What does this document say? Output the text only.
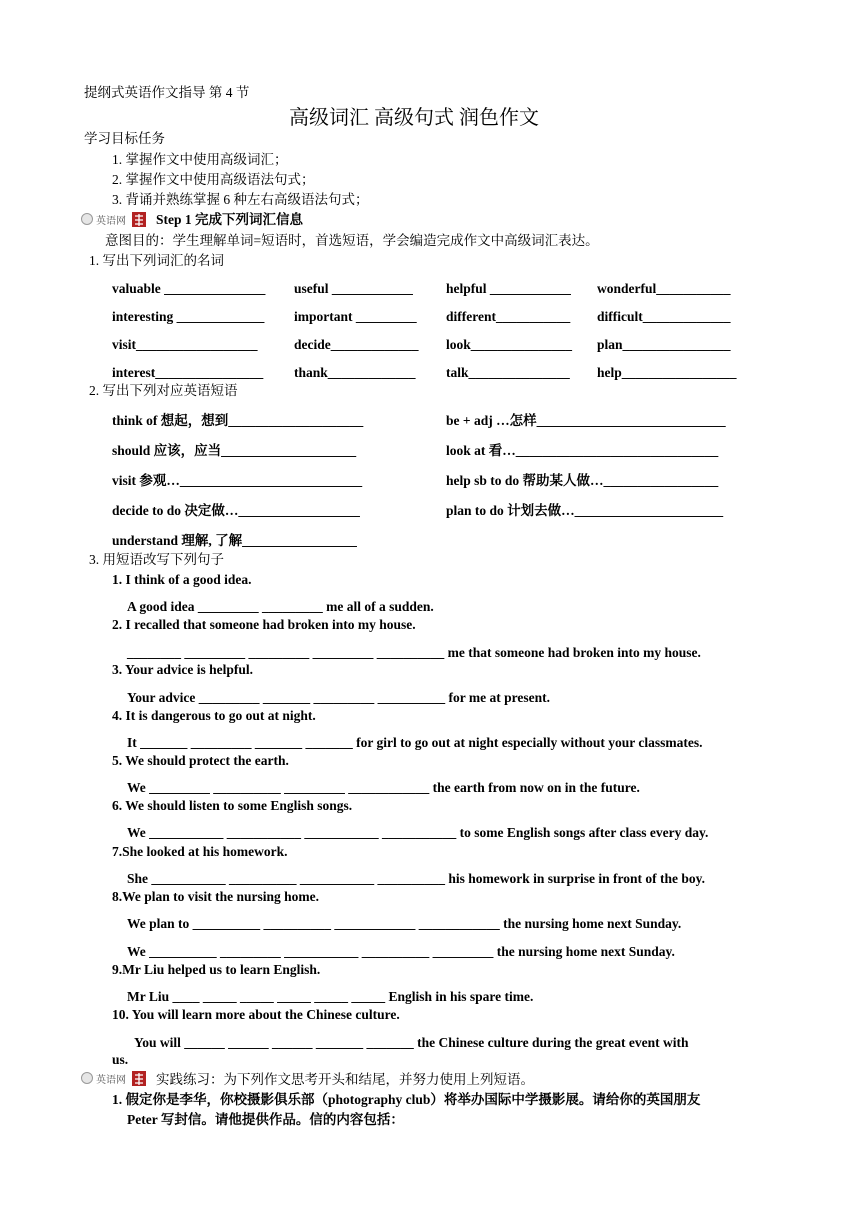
提纲式英语作文指导 第 4 节
高级词汇 高级句式 润色作文
学习目标任务
1. 掌握作文中使用高级词汇；
2. 掌握作文中使用高级语法句式；
3. 背诵并熟练掌握 6 种左右高级语法句式；
英语网 Step 1 完成下列词汇信息
意图目的：学生理解单词=短语时，首选短语，学会编造完成作文中高级词汇表达。
1. 写出下列词汇的名词
valuable _______________ useful ____________ helpful ____________ wonderful___________
interesting _____________ important _________ different___________ difficult_____________
visit__________________	decide_____________ look_______________ plan________________
interest________________ thank_____________ talk_______________ help_________________
2. 写出下列对应英语短语
think of 想起，想到____________________	be + adj …怎样____________________________
should 应该，应当____________________	look at 看…______________________________
visit 参观…___________________________	help sb to do 帮助某人做…_________________
decide to do 决定做…__________________	plan to do 计划去做…______________________
understand 理解, 了解_________________
3. 用短语改写下列句子
1. I think of a good idea.
A good idea _________ _________ me all of a sudden.
2. I recalled that someone had broken into my house.
________ _________ _________ _________ __________ me that someone had broken into my house.
3. Your advice is helpful.
Your advice _________ _______ _________ __________ for me at present.
4. It is dangerous to go out at night.
It _______ _________ _______ _______ for girl to go out at night especially without your classmates.
5. We should protect the earth.
We _________ __________ _________ ____________ the earth from now on in the future.
6. We should listen to some English songs.
We ___________ ___________ ___________ ___________ to some English songs after class every day.
7.She looked at his homework.
She ___________ __________ ___________ __________ his homework in surprise in front of the boy.
8.We plan to visit the nursing home.
We plan to __________ __________ ____________ ____________ the nursing home next Sunday.
We __________ _________ ___________ __________ _________ the nursing home next Sunday.
9.Mr Liu helped us to learn English.
Mr Liu ____ _____ _____ _____ _____ _____ English in his spare time.
10. You will learn more about the Chinese culture.
You will ______ ______ ______ _______ _______ the Chinese culture during the great event with
us.
英语网 实践练习：为下列作文思考开头和结尾，并努力使用上列短语。
1. 假定你是李华，你校摄影俱乐部（photography club）将举办国际中学摄影展。请给你的英国朋友
Peter 写封信。请他提供作品。信的内容包括：
